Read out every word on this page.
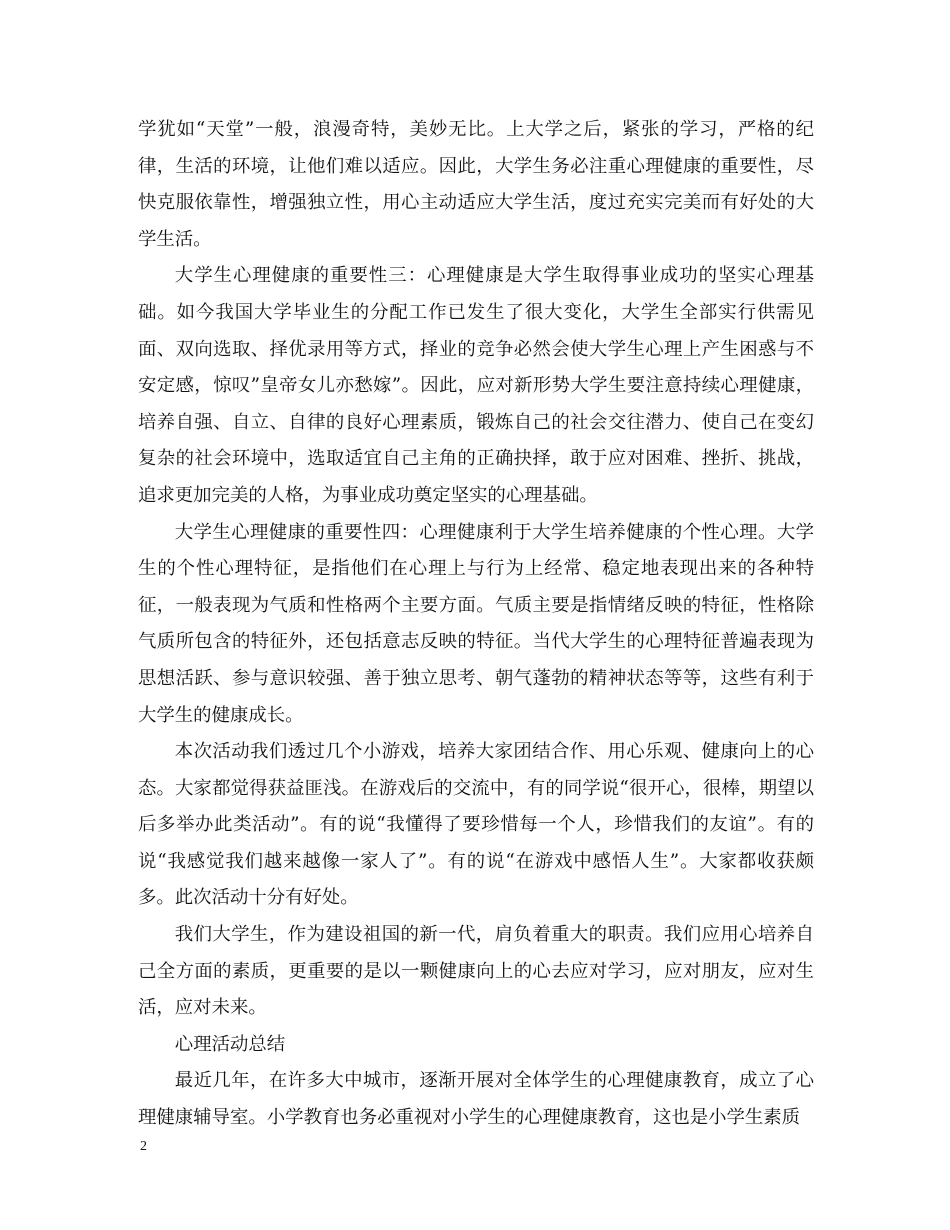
学犹如“天堂”一般，浪漫奇特，美妙无比。上大学之后，紧张的学习，严格的纪律，生活的环境，让他们难以适应。因此，大学生务必注重心理健康的重要性，尽快克服依靠性，增强独立性，用心主动适应大学生活，度过充实完美而有好处的大学生活。

大学生心理健康的重要性三：心理健康是大学生取得事业成功的坚实心理基础。如今我国大学毕业生的分配工作已发生了很大变化，大学生全部实行供需见面、双向选取、择优录用等方式，择业的竞争必然会使大学生心理上产生困惑与不安定感，惊叹”皇帝女儿亦愁嫁”。因此，应对新形势大学生要注意持续心理健康，培养自强、自立、自律的良好心理素质，锻炼自己的社会交往潜力、使自己在变幻复杂的社会环境中，选取适宜自己主角的正确抉择，敢于应对困难、挫折、挑战，追求更加完美的人格，为事业成功奠定坚实的心理基础。

大学生心理健康的重要性四：心理健康利于大学生培养健康的个性心理。大学生的个性心理特征，是指他们在心理上与行为上经常、稳定地表现出来的各种特征，一般表现为气质和性格两个主要方面。气质主要是指情绪反映的特征，性格除气质所包含的特征外，还包括意志反映的特征。当代大学生的心理特征普遍表现为思想活跃、参与意识较强、善于独立思考、朝气蓬勃的精神状态等等，这些有利于大学生的健康成长。

本次活动我们透过几个小游戏，培养大家团结合作、用心乐观、健康向上的心态。大家都觉得获益匪浅。在游戏后的交流中，有的同学说“很开心，很棒，期望以后多举办此类活动”。有的说“我懂得了要珍惜每一个人，珍惜我们的友谊”。有的说“我感觉我们越来越像一家人了”。有的说“在游戏中感悟人生”。大家都收获颇多。此次活动十分有好处。

我们大学生，作为建设祖国的新一代，肩负着重大的职责。我们应用心培养自己全方面的素质，更重要的是以一颗健康向上的心去应对学习，应对朋友，应对生活，应对未来。

心理活动总结

最近几年，在许多大中城市，逐渐开展对全体学生的心理健康教育，成立了心理健康辅导室。小学教育也务必重视对小学生的心理健康教育，这也是小学生素质

2
